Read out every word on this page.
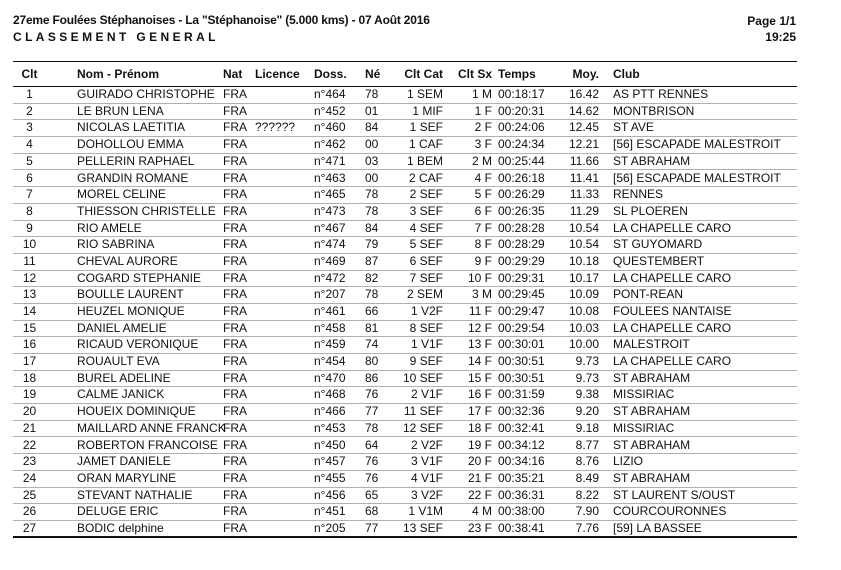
27eme Foulées Stéphanoises - La "Stéphanoise" (5.000 kms) - 07 Août 2016
CLASSEMENT GENERAL
Page 1/1
19:25
Clt	Nom - Prénom	Nat	Licence	Doss.	Né	Clt Cat	Clt Sx	Temps	Moy.	Club
1	GUIRADO CHRISTOPHE	FRA		n°464	78	1 SEM	1 M	00:18:17	16.42	AS PTT RENNES
2	LE BRUN LENA	FRA		n°452	01	1 MIF	1 F	00:20:31	14.62	MONTBRISON
3	NICOLAS LAETITIA	FRA	??????	n°460	84	1 SEF	2 F	00:24:06	12.45	ST AVE
4	DOHOLLOU EMMA	FRA		n°462	00	1 CAF	3 F	00:24:34	12.21	[56] ESCAPADE MALESTROIT
5	PELLERIN RAPHAEL	FRA		n°471	03	1 BEM	2 M	00:25:44	11.66	ST ABRAHAM
6	GRANDIN ROMANE	FRA		n°463	00	2 CAF	4 F	00:26:18	11.41	[56] ESCAPADE MALESTROIT
7	MOREL CELINE	FRA		n°465	78	2 SEF	5 F	00:26:29	11.33	RENNES
8	THIESSON CHRISTELLE	FRA		n°473	78	3 SEF	6 F	00:26:35	11.29	SL PLOEREN
9	RIO AMELE	FRA		n°467	84	4 SEF	7 F	00:28:28	10.54	LA CHAPELLE CARO
10	RIO SABRINA	FRA		n°474	79	5 SEF	8 F	00:28:29	10.54	ST GUYOMARD
11	CHEVAL AURORE	FRA		n°469	87	6 SEF	9 F	00:29:29	10.18	QUESTEMBERT
12	COGARD STEPHANIE	FRA		n°472	82	7 SEF	10 F	00:29:31	10.17	LA CHAPELLE CARO
13	BOULLE LAURENT	FRA		n°207	78	2 SEM	3 M	00:29:45	10.09	PONT-REAN
14	HEUZEL MONIQUE	FRA		n°461	66	1 V2F	11 F	00:29:47	10.08	FOULEES NANTAISE
15	DANIEL AMELIE	FRA		n°458	81	8 SEF	12 F	00:29:54	10.03	LA CHAPELLE CARO
16	RICAUD VERONIQUE	FRA		n°459	74	1 V1F	13 F	00:30:01	10.00	MALESTROIT
17	ROUAULT EVA	FRA		n°454	80	9 SEF	14 F	00:30:51	9.73	LA CHAPELLE CARO
18	BUREL ADELINE	FRA		n°470	86	10 SEF	15 F	00:30:51	9.73	ST ABRAHAM
19	CALME JANICK	FRA		n°468	76	2 V1F	16 F	00:31:59	9.38	MISSIRIAC
20	HOUEIX DOMINIQUE	FRA		n°466	77	11 SEF	17 F	00:32:36	9.20	ST ABRAHAM
21	MAILLARD ANNE FRANCK	FRA		n°453	78	12 SEF	18 F	00:32:41	9.18	MISSIRIAC
22	ROBERTON FRANCOISE	FRA		n°450	64	2 V2F	19 F	00:34:12	8.77	ST ABRAHAM
23	JAMET DANIELE	FRA		n°457	76	3 V1F	20 F	00:34:16	8.76	LIZIO
24	ORAN MARYLINE	FRA		n°455	76	4 V1F	21 F	00:35:21	8.49	ST ABRAHAM
25	STEVANT NATHALIE	FRA		n°456	65	3 V2F	22 F	00:36:31	8.22	ST LAURENT S/OUST
26	DELUGE ERIC	FRA		n°451	68	1 V1M	4 M	00:38:00	7.90	COURCOURONNES
27	BODIC delphine	FRA		n°205	77	13 SEF	23 F	00:38:41	7.76	[59] LA BASSEE
